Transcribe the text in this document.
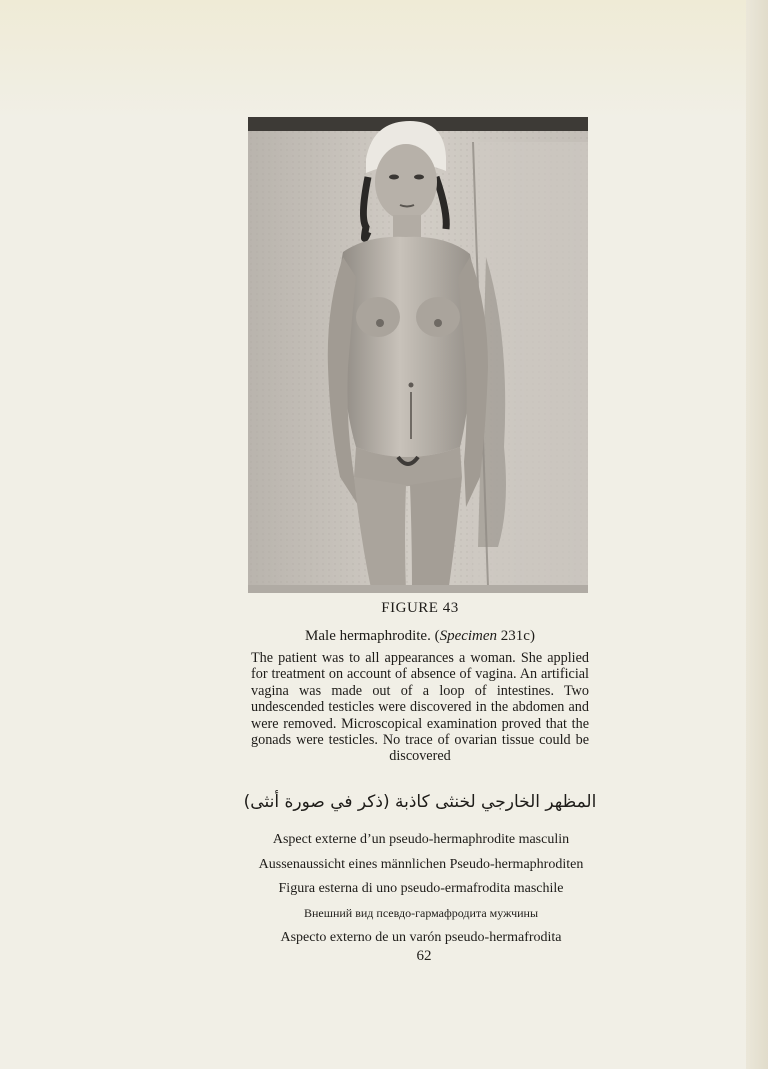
FIGURE 43
Male hermaphrodite. (Specimen 231c)
The patient was to all appearances a woman. She applied for treatment on account of absence of vagina. An artificial vagina was made out of a loop of intestines. Two undescended testicles were discovered in the abdomen and were removed. Microscopical examination proved that the gonads were testicles. No trace of ovarian tissue could be discovered
المظهر الخارجي لخنثى كاذبة (ذكر في صورة أنثى)
Aspect externe d’un pseudo-hermaphrodite masculin
Aussenaussicht eines männlichen Pseudo-hermaphroditen
Figura esterna di uno pseudo-ermafrodita maschile
Внешний вид псевдо-гармафродита мужчины
Aspecto externo de un varón pseudo-hermafrodita
62
